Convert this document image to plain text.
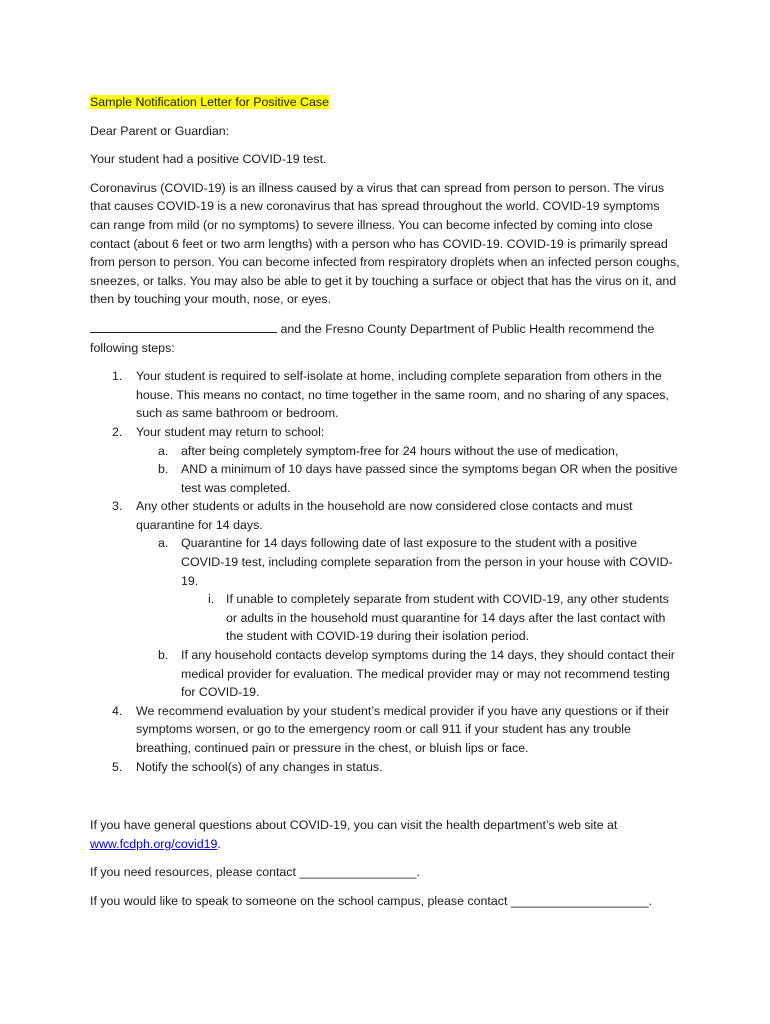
Sample Notification Letter for Positive Case

Dear Parent or Guardian:

Your student had a positive COVID-19 test.

Coronavirus (COVID-19) is an illness caused by a virus that can spread from person to person. The virus that causes COVID-19 is a new coronavirus that has spread throughout the world. COVID-19 symptoms can range from mild (or no symptoms) to severe illness. You can become infected by coming into close contact (about 6 feet or two arm lengths) with a person who has COVID-19. COVID-19 is primarily spread from person to person. You can become infected from respiratory droplets when an infected person coughs, sneezes, or talks. You may also be able to get it by touching a surface or object that has the virus on it, and then by touching your mouth, nose, or eyes.

and the Fresno County Department of Public Health recommend the following steps:

1. Your student is required to self-isolate at home, including complete separation from others in the house. This means no contact, no time together in the same room, and no sharing of any spaces, such as same bathroom or bedroom.
2. Your student may return to school:
a. after being completely symptom-free for 24 hours without the use of medication,
b. AND a minimum of 10 days have passed since the symptoms began OR when the positive test was completed.
3. Any other students or adults in the household are now considered close contacts and must quarantine for 14 days.
a. Quarantine for 14 days following date of last exposure to the student with a positive COVID-19 test, including complete separation from the person in your house with COVID-19.
i. If unable to completely separate from student with COVID-19, any other students or adults in the household must quarantine for 14 days after the last contact with the student with COVID-19 during their isolation period.
b. If any household contacts develop symptoms during the 14 days, they should contact their medical provider for evaluation. The medical provider may or may not recommend testing for COVID-19.
4. We recommend evaluation by your student’s medical provider if you have any questions or if their symptoms worsen, or go to the emergency room or call 911 if your student has any trouble breathing, continued pain or pressure in the chest, or bluish lips or face.
5. Notify the school(s) of any changes in status.

If you have general questions about COVID-19, you can visit the health department’s web site at www.fcdph.org/covid19.

If you need resources, please contact _________________.

If you would like to speak to someone on the school campus, please contact ____________________.
